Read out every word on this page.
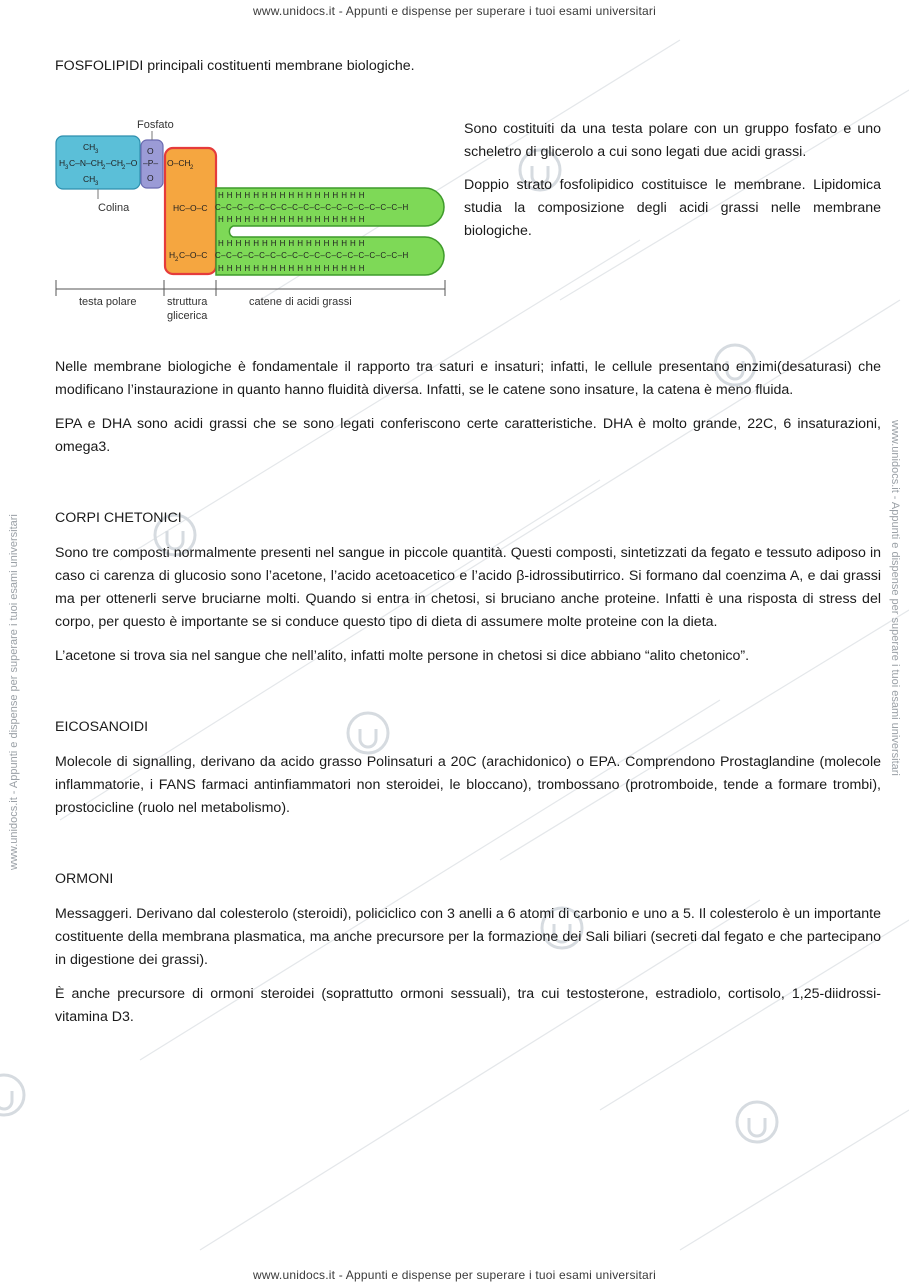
www.unidocs.it - Appunti e dispense per superare i tuoi esami universitari
www.unidocs.it - Appunti e dispense per superare i tuoi esami universitari	www.unidocs.it - Appunti e dispense per superare i tuoi esami universitari
FOSFOLIPIDI principali costituenti membrane biologiche.
CH 3
H 3 C–N–CH
2 –CH
2 –O –P–
O
O
CH 3
O–CH 2
HC–O–C
H 2 C–O–C
H H H H H H H H H H H H H H H H H
C–C–C–C–C–C–C–C–C–C–C–C–C–C–C–C–C–H
H H H H H H H H H H H H H H H H H
H H H H H H H H H H H H H H H H H
C–C–C–C–C–C–C–C–C–C–C–C–C–C–C–C–C–H
H H H H H H H H H H H H H H H H H
Fosfato
Colina
testa polare	struttura
glicerica
catene di acidi grassi

Sono costituiti da una testa polare con un gruppo fosfato e uno scheletro di glicerolo a cui sono legati due acidi grassi.

Doppio strato fosfolipidico costituisce le membrane. Lipidomica studia la composizione degli acidi grassi nelle membrane biologiche.

Nelle membrane biologiche è fondamentale il rapporto tra saturi e insaturi; infatti, le cellule presentano enzimi(desaturasi) che modificano l’instaurazione in quanto hanno fluidità diversa. Infatti, se le catene sono insature, la catena è meno fluida.

EPA e DHA sono acidi grassi che se sono legati conferiscono certe caratteristiche. DHA è molto grande, 22C, 6 insaturazioni, omega3.

CORPI CHETONICI

Sono tre composti normalmente presenti nel sangue in piccole quantità. Questi composti, sintetizzati da fegato e tessuto adiposo in caso ci carenza di glucosio sono l’acetone, l’acido acetoacetico e l’acido β-idrossibutirrico. Si formano dal coenzima A, e dai grassi ma per ottenerli serve bruciarne molti. Quando si entra in chetosi, si bruciano anche proteine. Infatti è una risposta di stress del corpo, per questo è importante se si conduce questo tipo di dieta di assumere molte proteine con la dieta.

L’acetone si trova sia nel sangue che nell’alito, infatti molte persone in chetosi si dice abbiano “alito chetonico”.

EICOSANOIDI

Molecole di signalling, derivano da acido grasso Polinsaturi a 20C (arachidonico) o EPA. Comprendono Prostaglandine (molecole inflammatorie, i FANS farmaci antinfiammatori non steroidei, le bloccano), trombossano (protromboide, tende a formare trombi), prostocicline (ruolo nel metabolismo).

ORMONI

Messaggeri. Derivano dal colesterolo (steroidi), policiclico con 3 anelli a 6 atomi di carbonio e uno a 5. Il colesterolo è un importante costituente della membrana plasmatica, ma anche precursore per la formazione dei Sali biliari (secreti dal fegato e che partecipano in digestione dei grassi).

È anche precursore di ormoni steroidei (soprattutto ormoni sessuali), tra cui testosterone, estradiolo, cortisolo, 1,25-diidrossi-vitamina D3.

www.unidocs.it - Appunti e dispense per superare i tuoi esami universitari
